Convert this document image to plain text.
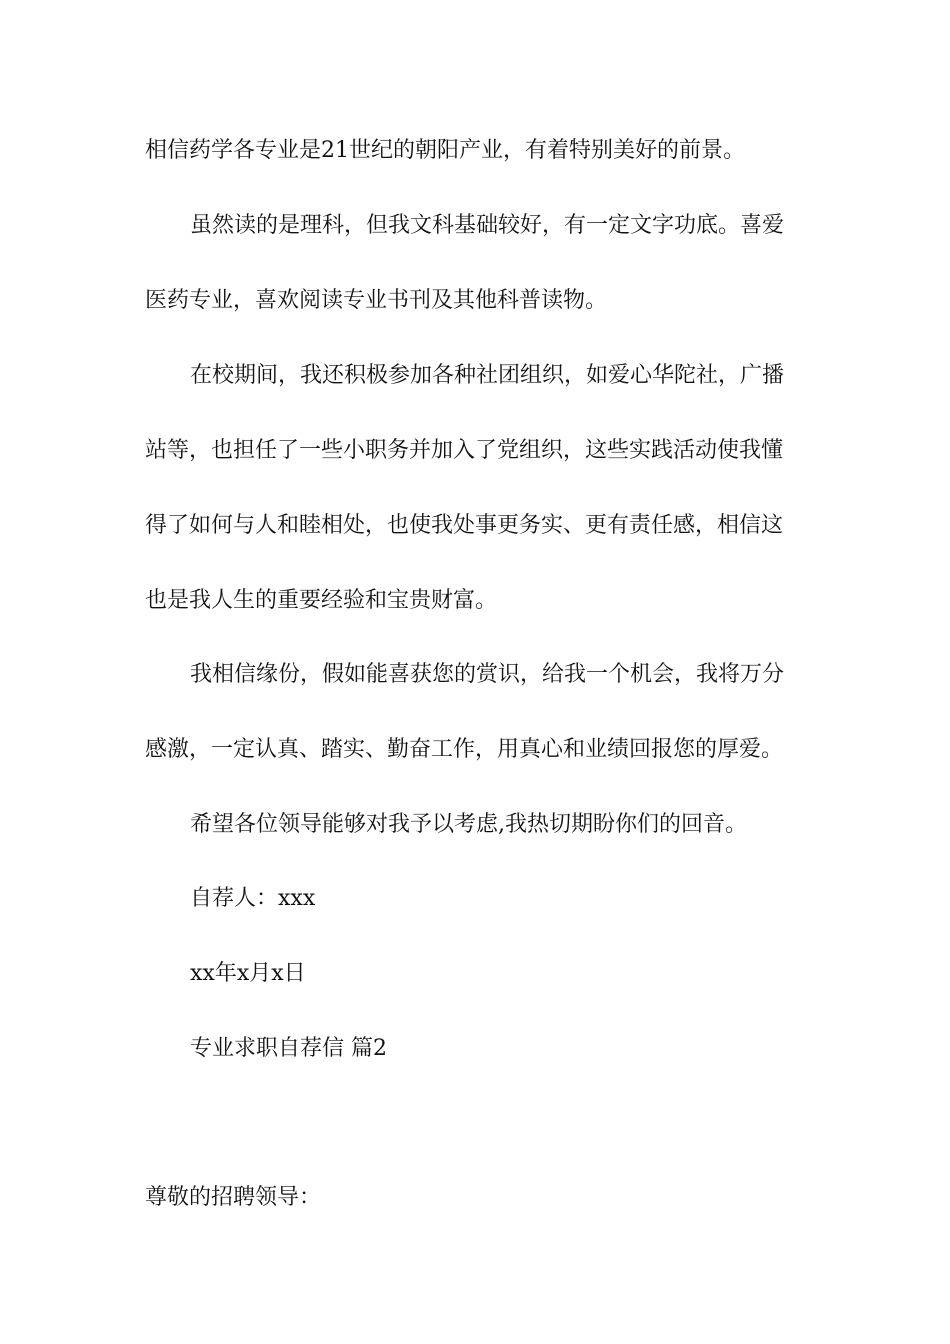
相信药学各专业是21世纪的朝阳产业，有着特别美好的前景。
虽然读的是理科，但我文科基础较好，有一定文字功底。喜爱
医药专业，喜欢阅读专业书刊及其他科普读物。
在校期间，我还积极参加各种社团组织，如爱心华陀社，广播
站等，也担任了一些小职务并加入了党组织，这些实践活动使我懂
得了如何与人和睦相处，也使我处事更务实、更有责任感，相信这
也是我人生的重要经验和宝贵财富。
我相信缘份，假如能喜获您的赏识，给我一个机会，我将万分
感激，一定认真、踏实、勤奋工作，用真心和业绩回报您的厚爱。
希望各位领导能够对我予以考虑,我热切期盼你们的回音。
自荐人：xxx
xx年x月x日
专业求职自荐信 篇2
尊敬的招聘领导：
